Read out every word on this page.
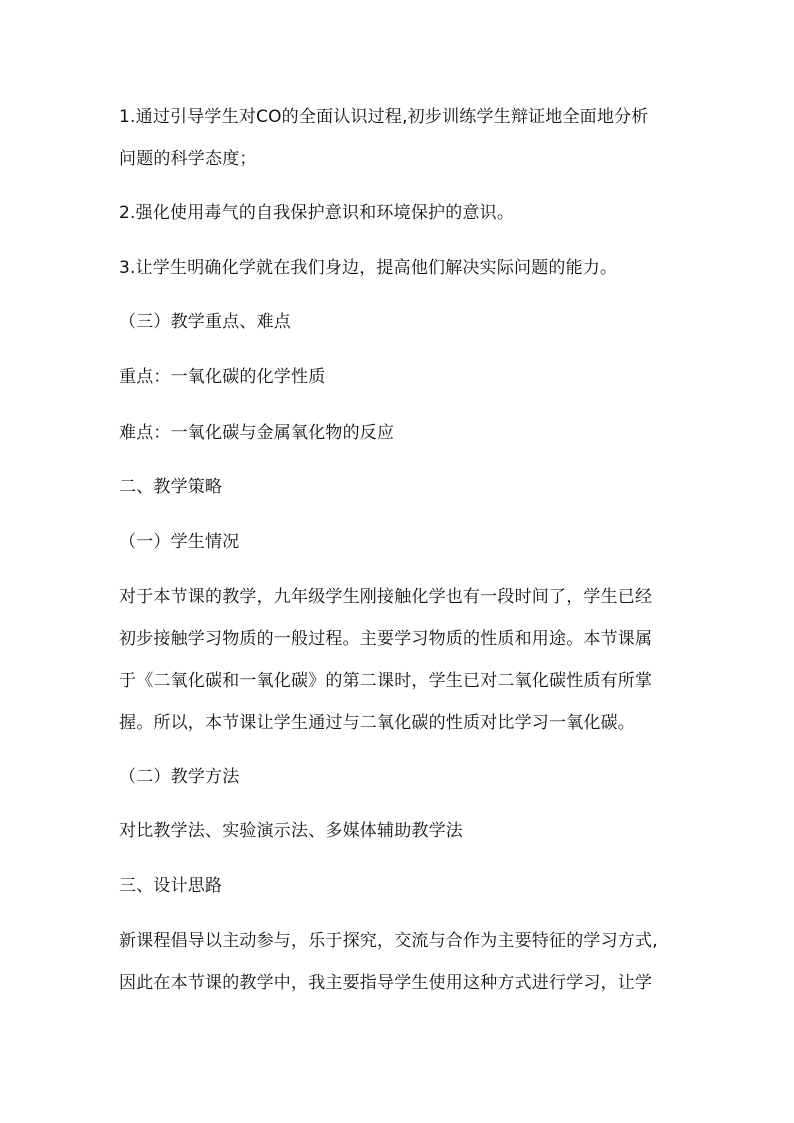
1.通过引导学生对CO的全面认识过程,初步训练学生辩证地全面地分析
问题的科学态度；
2.强化使用毒气的自我保护意识和环境保护的意识。
3.让学生明确化学就在我们身边，提高他们解决实际问题的能力。
（三）教学重点、难点
重点：一氧化碳的化学性质
难点：一氧化碳与金属氧化物的反应
二、教学策略
（一）学生情况
对于本节课的教学，九年级学生刚接触化学也有一段时间了，学生已经
初步接触学习物质的一般过程。主要学习物质的性质和用途。本节课属
于《二氧化碳和一氧化碳》的第二课时，学生已对二氧化碳性质有所掌
握。所以，本节课让学生通过与二氧化碳的性质对比学习一氧化碳。
（二）教学方法
对比教学法、实验演示法、多媒体辅助教学法
三、设计思路
新课程倡导以主动参与，乐于探究，交流与合作为主要特征的学习方式,
因此在本节课的教学中，我主要指导学生使用这种方式进行学习，让学
